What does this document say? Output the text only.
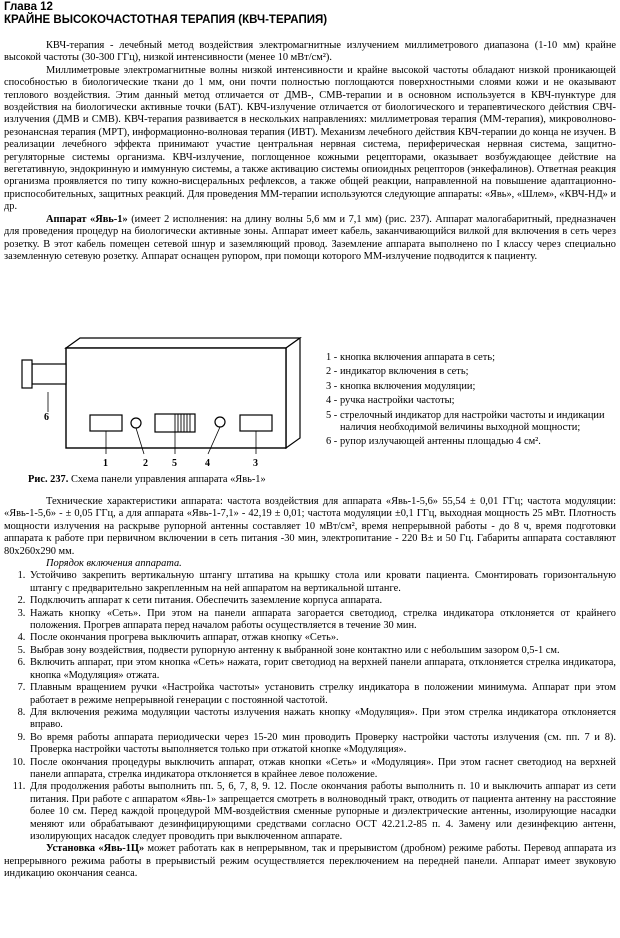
Глава 12
КРАЙНЕ ВЫСОКОЧАСТОТНАЯ ТЕРАПИЯ (КВЧ-ТЕРАПИЯ)

КВЧ-терапия - лечебный метод воздействия электромагнитные излучением миллиметрового диапазона (1-10 мм) крайне высокой частоты (30-300 ГГц), низкой интенсивности (менее 10 мВт/см²).

Миллиметровые электромагнитные волны низкой интенсивности и крайне высокой частоты обладают низкой проникающей способностью в биологические ткани до 1 мм, они почти полностью поглощаются поверхностными слоями кожи и не оказывают теплового воздействия. Этим данный метод отличается от ДМВ-, СМВ-терапии и в основном используется в КВЧ-пунктуре для воздействия на биологически активные точки (БАТ). КВЧ-излучение отличается от биологического и терапевтического действия СВЧ-излучения (ДМВ и СМВ). КВЧ-терапия развивается в нескольких направлениях: миллиметровая терапия (ММ-терапия), микроволново-резонансная терапия (МРТ), информационно-волновая терапия (ИВТ). Механизм лечебного действия КВЧ-терапии до конца не изучен. В реализации лечебного эффекта принимают участие центральная нервная система, периферическая нервная система, защитно-регуляторные системы организма. КВЧ-излучение, поглощенное кожными рецепторами, оказывает возбуждающее действие на вегетативную, эндокринную и иммунную системы, а также активацию системы опиоидных рецепторов (энкефалинов). Ответная реакция организма проявляется по типу кожно-висцеральных рефлексов, а также общей реакции, направленной на повышение адаптационно-приспособительных, защитных реакций. Для проведения ММ-терапии используются следующие аппараты: «Явь», «Шлем», «КВЧ-НД» и др.

Аппарат «Явь-1» (имеет 2 исполнения: на длину волны 5,6 мм и 7,1 мм) (рис. 237). Аппарат малогабаритный, предназначен для проведения процедур на биологически активные зоны. Аппарат имеет кабель, заканчивающийся вилкой для включения в сеть через розетку. В этот кабель помещен сетевой шнур и заземляющий провод. Заземление аппарата выполнено по I классу через специально заземленную сетевую розетку. Аппарат оснащен рупором, при помощи которого ММ-излучение подводится к пациенту.

1	2	3
4
5
6
1 - кнопка включения аппарата в сеть;
2 - индикатор включения в сеть;
3 - кнопка включения модуляции;
4 - ручка настройки частоты;
5 - стрелочный индикатор для настройки частоты и индикации наличия необходимой величины выходной мощности;
6 - рупор излучающей антенны площадью 4 см².
Рис. 237. Схема панели управления аппарата «Явь-1»

Технические характеристики аппарата: частота воздействия для аппарата «Явь-1-5,6» 55,54 ± 0,01 ГГц; частота модуляции: «Явь-1-5,6» - ± 0,05 ГГц, а для аппарата «Явь-1-7,1» - 42,19 ± 0,01; частота модуляции ±0,1 ГГц, выходная мощность 25 мВт. Плотность мощности излучения на раскрыве рупорной антенны составляет 10 мВт/см², время непрерывной работы - до 8 ч, время подготовки аппарата к работе при первичном включении в сеть питания -30 мин, электропитание - 220 В± и 50 Гц. Габариты аппарата составляют 80х260х290 мм.

Порядок включения аппарата.

1. Устойчиво закрепить вертикальную штангу штатива на крышку стола или кровати пациента. Смонтировать горизонтальную штангу с предварительно закрепленным на ней аппаратом на вертикальной штанге.
2. Подключить аппарат к сети питания. Обеспечить заземление корпуса аппарата.
3. Нажать кнопку «Сеть». При этом на панели аппарата загорается светодиод, стрелка индикатора отклоняется от крайнего положения. Прогрев аппарата перед началом работы осуществляется в течение 30 мин.
4. После окончания прогрева выключить аппарат, отжав кнопку «Сеть».
5. Выбрав зону воздействия, подвести рупорную антенну к выбранной зоне контактно или с небольшим зазором 0,5-1 см.
6. Включить аппарат, при этом кнопка «Сеть» нажата, горит светодиод на верхней панели аппарата, отклоняется стрелка индикатора, кнопка «Модуляция» отжата.
7. Плавным вращением ручки «Настройка частоты» установить стрелку индикатора в положении минимума. Аппарат при этом работает в режиме непрерывной генерации с постоянной частотой.
8. Для включения режима модуляции частоты излучения нажать кнопку «Модуляция». При этом стрелка индикатора отклоняется вправо.
9. Во время работы аппарата периодически через 15-20 мин проводить Проверку настройки частоты излучения (см. пп. 7 и 8). Проверка настройки частоты выполняется только при отжатой кнопке «Модуляция».
10. После окончания процедуры выключить аппарат, отжав кнопки «Сеть» и «Модуляция». При этом гаснет светодиод на верхней панели аппарата, стрелка индикатора отклоняется в крайнее левое положение.
11. Для продолжения работы выполнить пп. 5, 6, 7, 8, 9. 12. После окончания работы выполнить п. 10 и выключить аппарат из сети питания. При работе с аппаратом «Явь-1» запрещается смотреть в волноводный тракт, отводить от пациента антенну на расстояние более 10 см. Перед каждой процедурой ММ-воздействия сменные рупорные и диэлектрические антенны, изолирующие насадки меняют или обрабатывают дезинфицирующими средствами согласно ОСТ 42.21.2-85 п. 4. Замену или дезинфекцию антенн, изолирующих насадок следует проводить при выключенном аппарате.

Установка «Явь-1Ц» может работать как в непрерывном, так и прерывистом (дробном) режиме работы. Перевод аппарата из непрерывного режима работы в прерывистый режим осуществляется переключением на передней панели. Аппарат имеет звуковую индикацию окончания сеанса.
